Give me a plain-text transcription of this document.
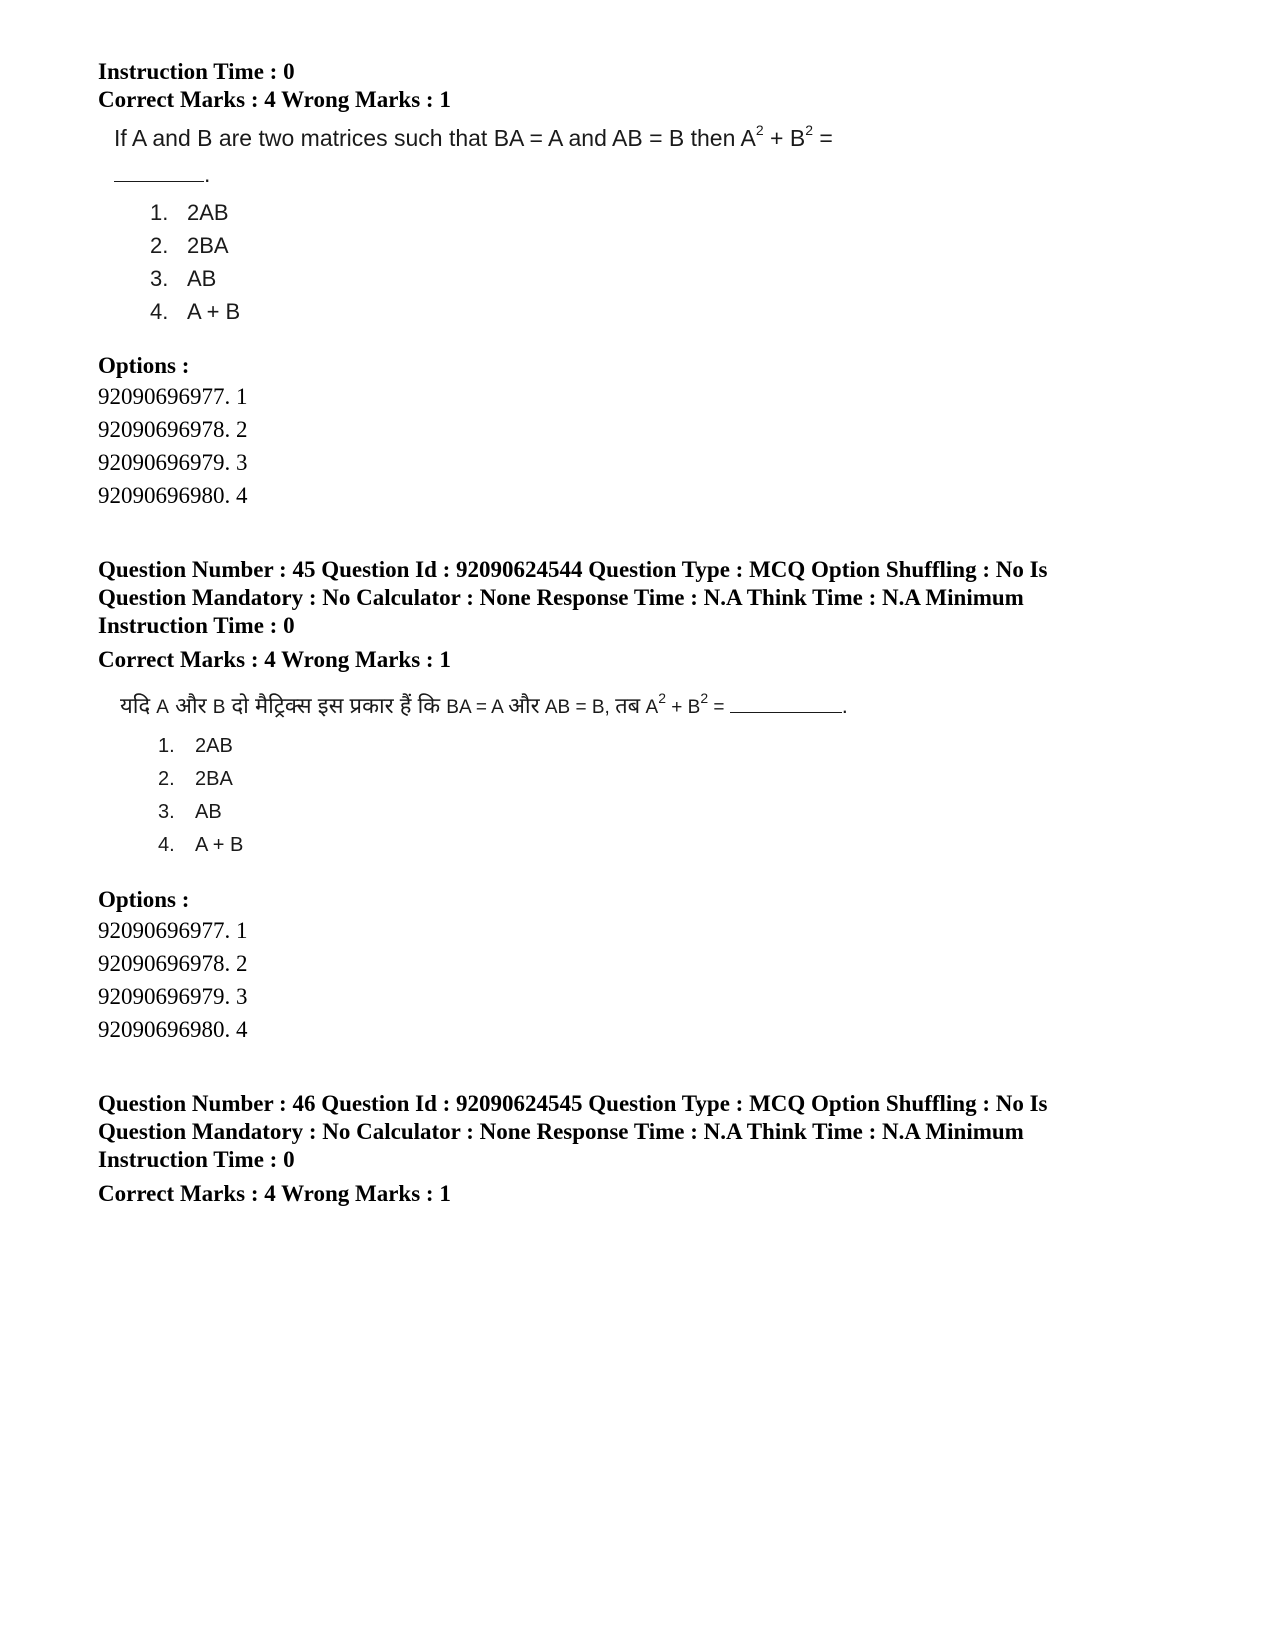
Instruction Time : 0

Correct Marks : 4 Wrong Marks : 1

If A and B are two matrices such that BA = A and AB = B then $A^2 + B^2$ =
.
1. 2AB
2. 2BA
3. AB
4. A + B
Options :

92090696977. 1

92090696978. 2

92090696979. 3

92090696980. 4

Question Number : 45 Question Id : 92090624544 Question Type : MCQ Option Shuffling : No Is

Question Mandatory : No Calculator : None Response Time : N.A Think Time : N.A Minimum

Instruction Time : 0

Correct Marks : 4 Wrong Marks : 1

यदि A और B दो मैट्रिक्स इस प्रकार हैं कि BA = A और AB = B, तब $A^2 + B^2$ =	.
1. 2AB
2. 2BA
3. AB
4. A + B
Options :

92090696977. 1

92090696978. 2

92090696979. 3

92090696980. 4

Question Number : 46 Question Id : 92090624545 Question Type : MCQ Option Shuffling : No Is

Question Mandatory : No Calculator : None Response Time : N.A Think Time : N.A Minimum

Instruction Time : 0

Correct Marks : 4 Wrong Marks : 1
